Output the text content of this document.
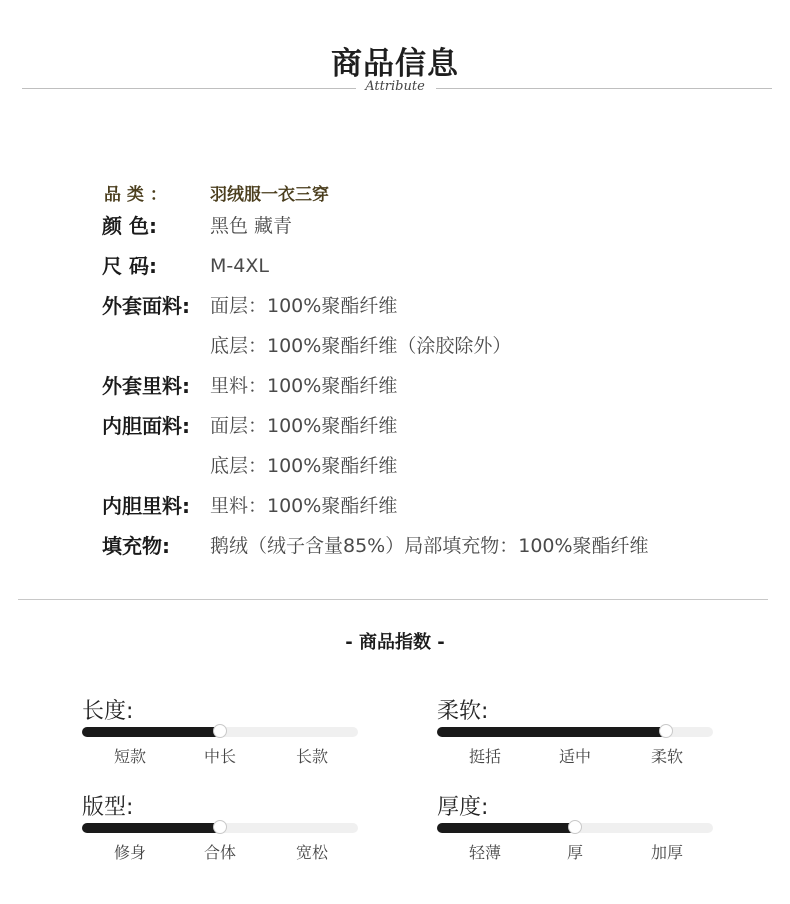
商品信息
Attribute
品 类 ：	羽绒服一衣三穿
颜 色:	黑色 藏青
尺 码:	M-4XL
外套面料: 面层：100%聚酯纤维
底层：100%聚酯纤维（涂胶除外）
外套里料: 里料：100%聚酯纤维
内胆面料: 面层：100%聚酯纤维
底层：100%聚酯纤维
内胆里料: 里料：100%聚酯纤维
填充物: 鹅绒（绒子含量85%）局部填充物：100%聚酯纤维
- 商品指数 -
长度:
短款	中长	长款
柔软:
挺括	适中	柔软
版型:
修身	合体	宽松
厚度:
轻薄	厚	加厚
